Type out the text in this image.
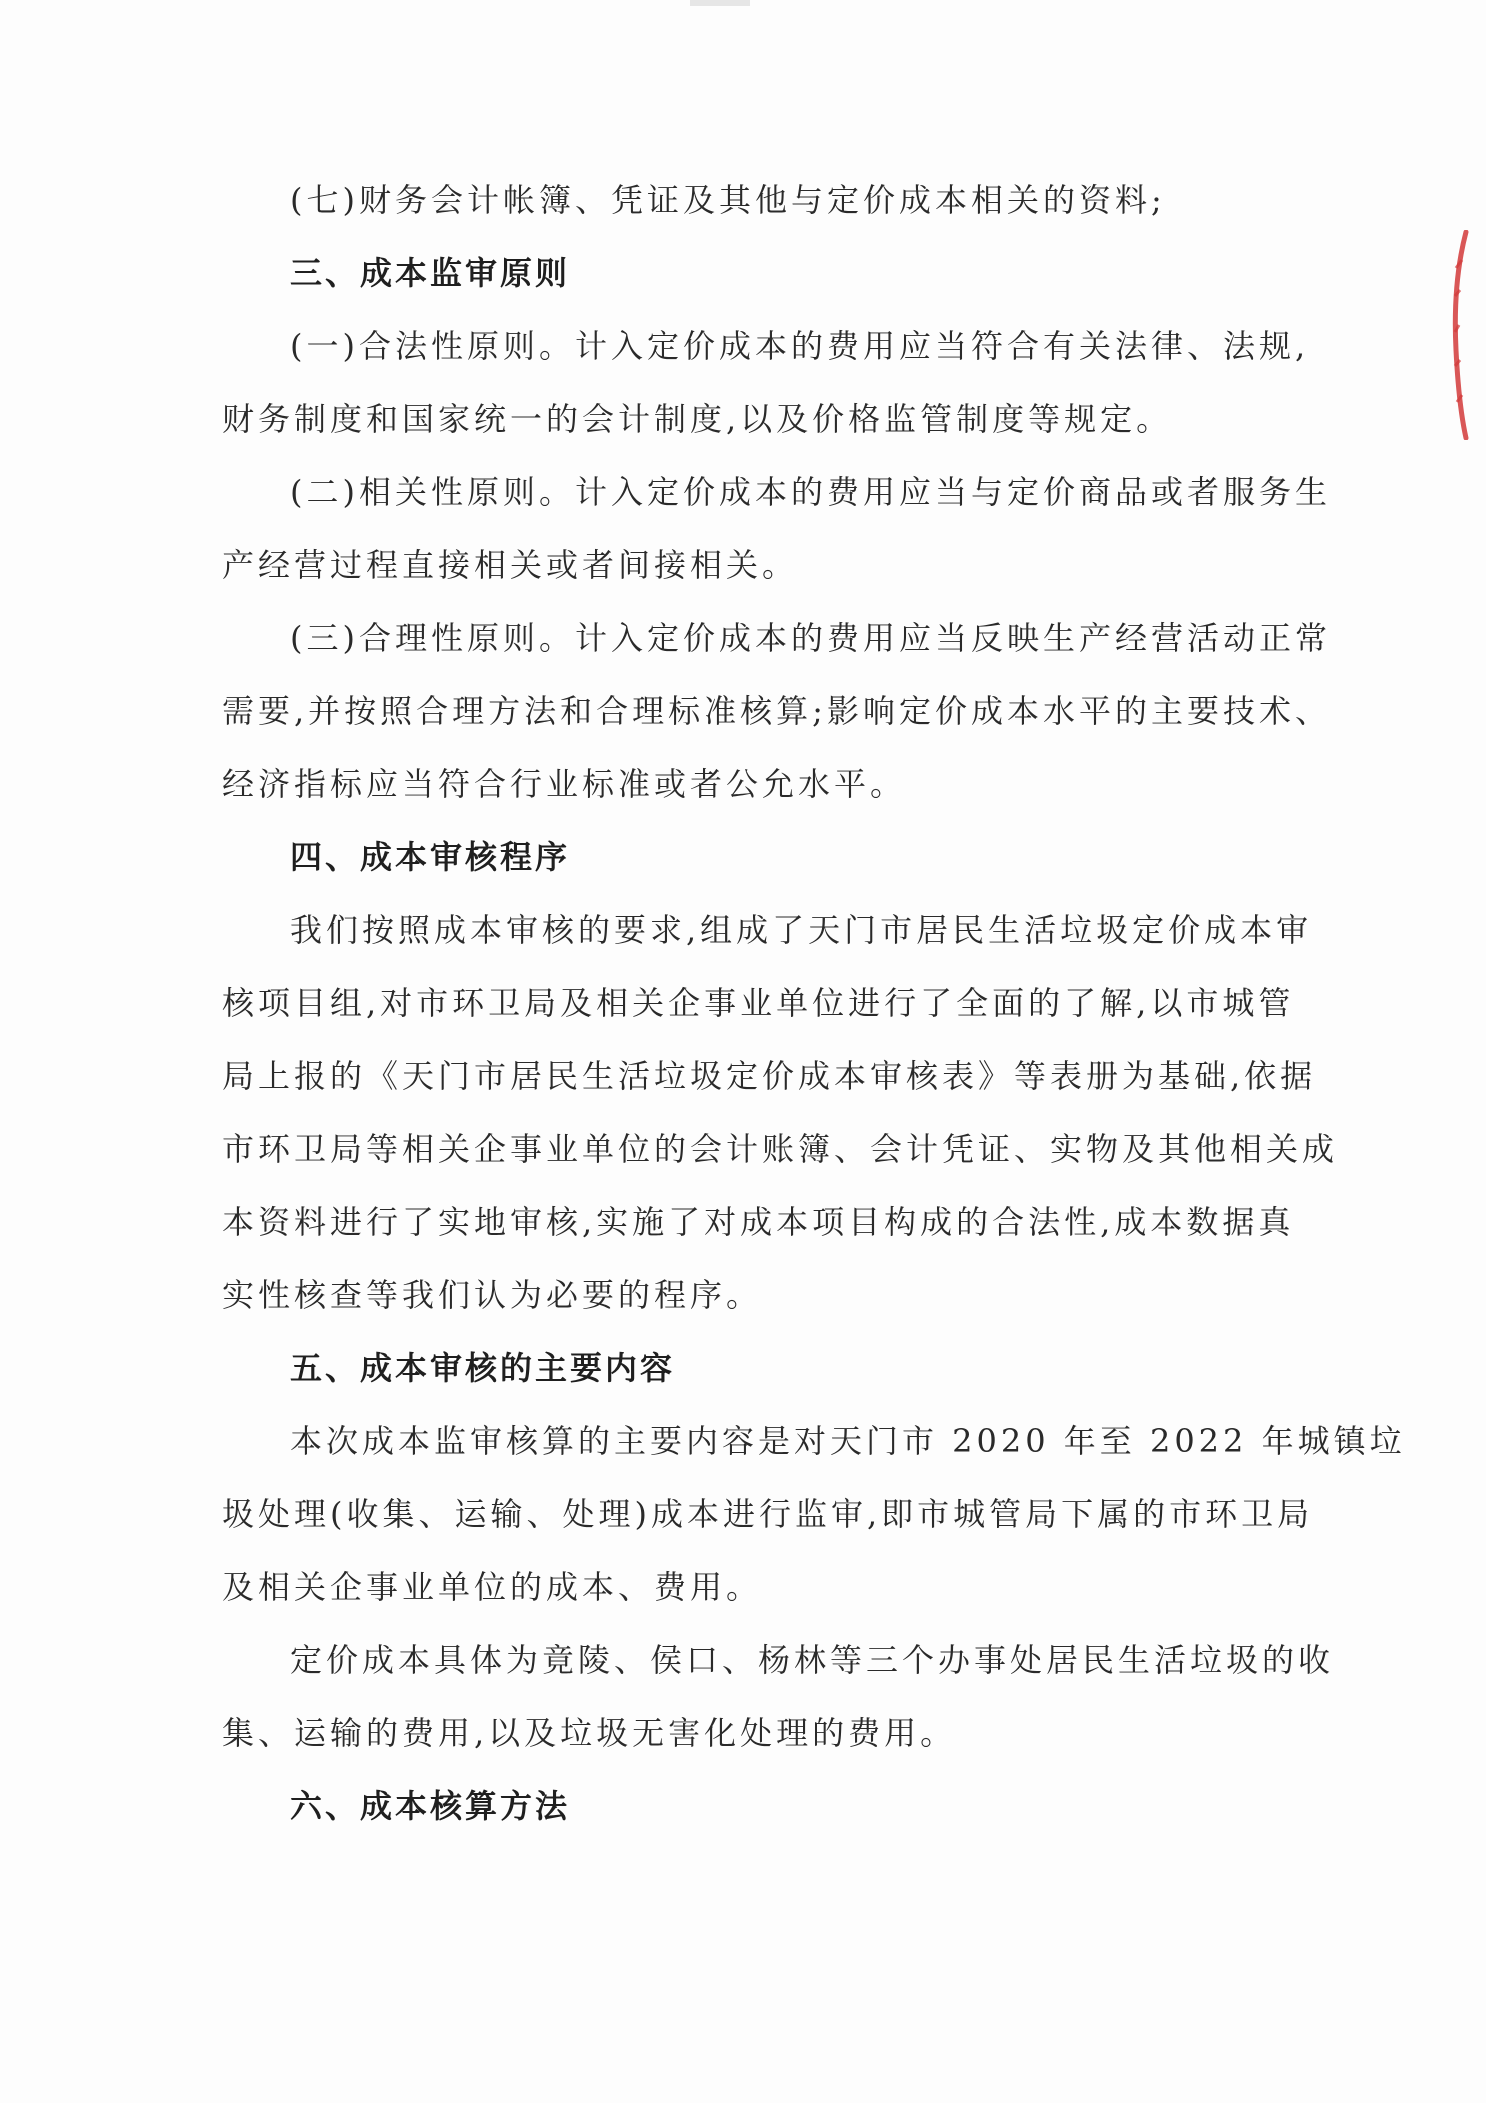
(七)财务会计帐簿、凭证及其他与定价成本相关的资料;
三、成本监审原则
(一)合法性原则。计入定价成本的费用应当符合有关法律、法规,
财务制度和国家统一的会计制度,以及价格监管制度等规定。
(二)相关性原则。计入定价成本的费用应当与定价商品或者服务生
产经营过程直接相关或者间接相关。
(三)合理性原则。计入定价成本的费用应当反映生产经营活动正常
需要,并按照合理方法和合理标准核算;影响定价成本水平的主要技术、
经济指标应当符合行业标准或者公允水平。
四、成本审核程序
我们按照成本审核的要求,组成了天门市居民生活垃圾定价成本审
核项目组,对市环卫局及相关企事业单位进行了全面的了解,以市城管
局上报的《天门市居民生活垃圾定价成本审核表》等表册为基础,依据
市环卫局等相关企事业单位的会计账簿、会计凭证、实物及其他相关成
本资料进行了实地审核,实施了对成本项目构成的合法性,成本数据真
实性核查等我们认为必要的程序。
五、成本审核的主要内容
本次成本监审核算的主要内容是对天门市 2020 年至 2022 年城镇垃
圾处理(收集、运输、处理)成本进行监审,即市城管局下属的市环卫局
及相关企事业单位的成本、费用。
定价成本具体为竟陵、侯口、杨林等三个办事处居民生活垃圾的收
集、运输的费用,以及垃圾无害化处理的费用。
六、成本核算方法
